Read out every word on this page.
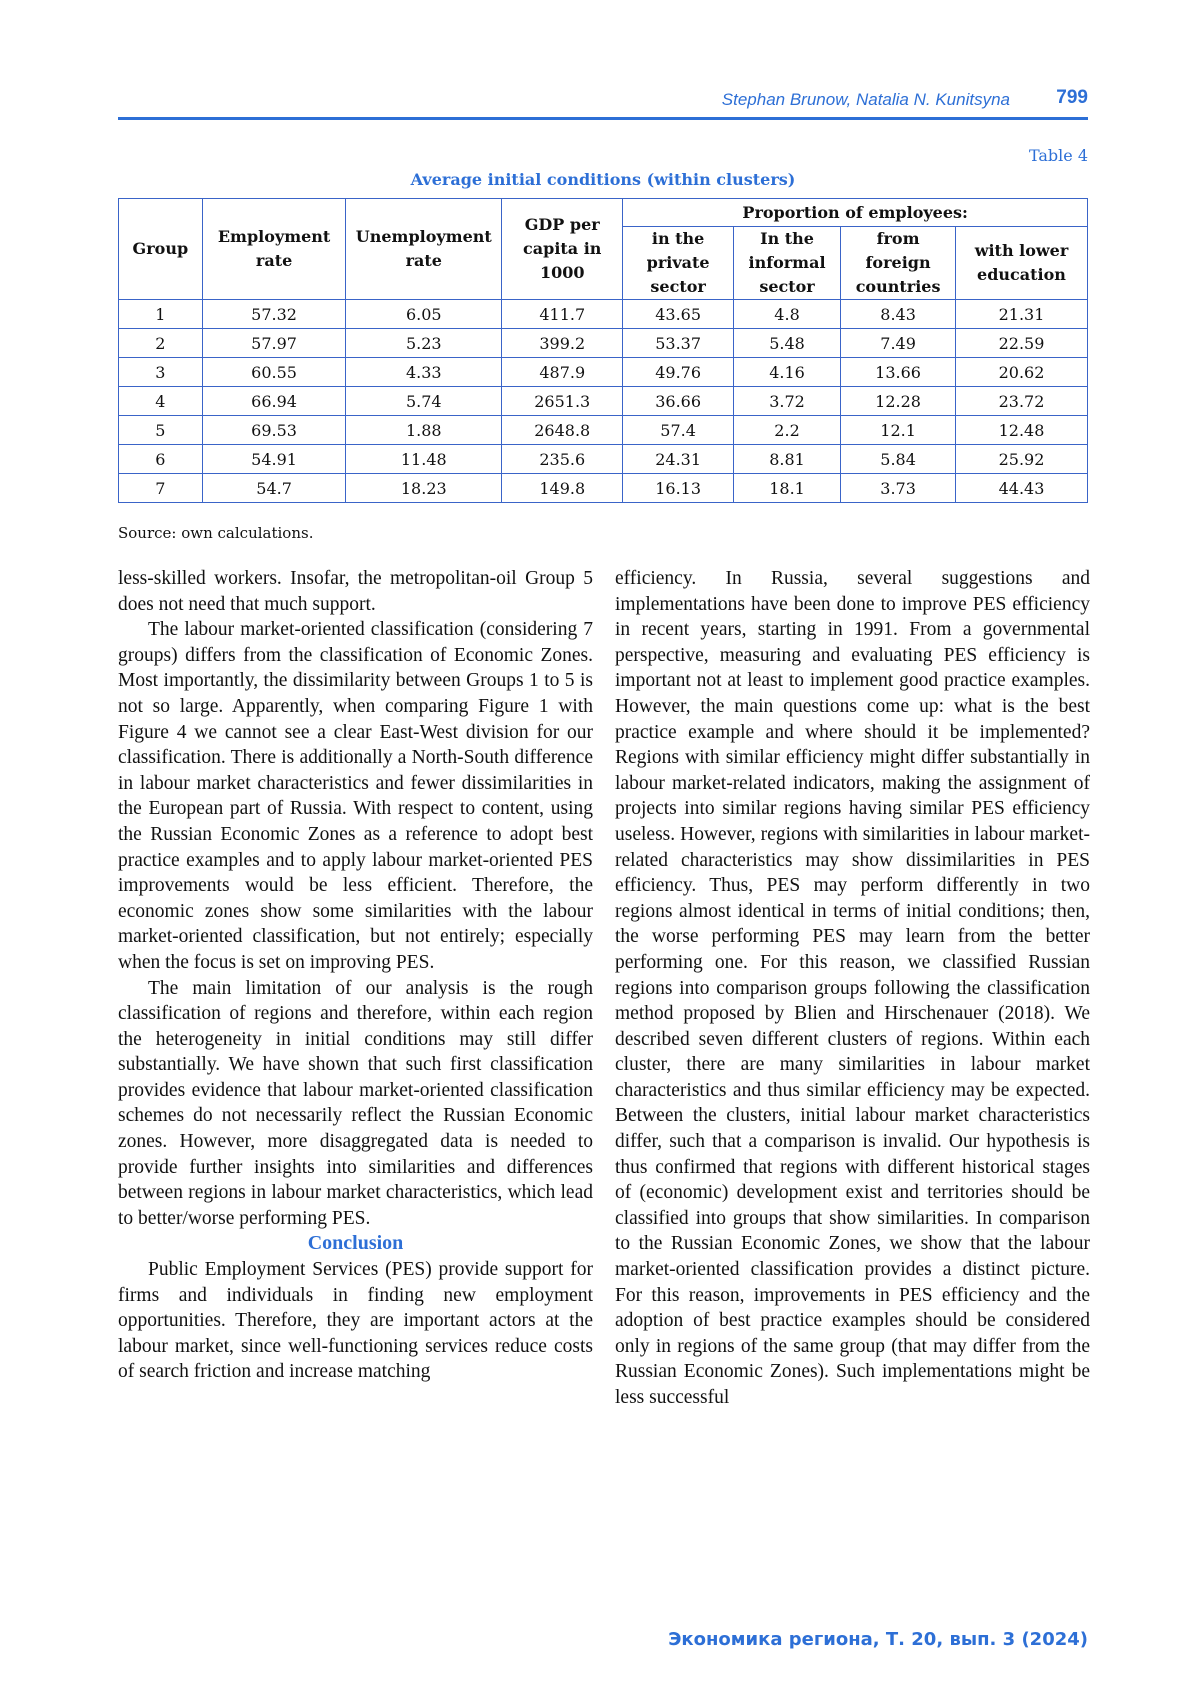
Stephan Brunow, Natalia N. Kunitsyna 799
Table 4
Average initial conditions (within clusters)
Group	Employment rate	Unemployment rate	GDP per capita in 1000	Proportion of employees:			
				in the private sector	In the informal sector	from foreign countries	with lower education
1	57.32	6.05	411.7	43.65	4.8	8.43	21.31
2	57.97	5.23	399.2	53.37	5.48	7.49	22.59
3	60.55	4.33	487.9	49.76	4.16	13.66	20.62
4	66.94	5.74	2651.3	36.66	3.72	12.28	23.72
5	69.53	1.88	2648.8	57.4	2.2	12.1	12.48
6	54.91	11.48	235.6	24.31	8.81	5.84	25.92
7	54.7	18.23	149.8	16.13	18.1	3.73	44.43
Source: own calculations.

less-skilled workers. Insofar, the metropolitan-oil Group 5 does not need that much support.

The labour market-oriented classification (considering 7 groups) differs from the classification of Economic Zones. Most importantly, the dissimilarity between Groups 1 to 5 is not so large. Apparently, when comparing Figure 1 with Figure 4 we cannot see a clear East-West division for our classification. There is additionally a North-South difference in labour market characteristics and fewer dissimilarities in the European part of Russia. With respect to content, using the Russian Economic Zones as a reference to adopt best practice examples and to apply labour market-oriented PES improvements would be less efficient. Therefore, the economic zones show some similarities with the labour market-oriented classification, but not entirely; especially when the focus is set on improving PES.

The main limitation of our analysis is the rough classification of regions and therefore, within each region the heterogeneity in initial conditions may still differ substantially. We have shown that such first classification provides evidence that labour market-oriented classification schemes do not necessarily reflect the Russian Economic zones. However, more disaggregated data is needed to provide further insights into similarities and differences between regions in labour market characteristics, which lead to better/worse performing PES.

Conclusion

Public Employment Services (PES) provide support for firms and individuals in finding new employment opportunities. Therefore, they are important actors at the labour market, since well-functioning services reduce costs of search friction and increase matching

efficiency. In Russia, several suggestions and implementations have been done to improve PES efficiency in recent years, starting in 1991. From a governmental perspective, measuring and evaluating PES efficiency is important not at least to implement good practice examples. However, the main questions come up: what is the best practice example and where should it be implemented? Regions with similar efficiency might differ substantially in labour market-related indicators, making the assignment of projects into similar regions having similar PES efficiency useless. However, regions with similarities in labour market-related characteristics may show dissimilarities in PES efficiency. Thus, PES may perform differently in two regions almost identical in terms of initial conditions; then, the worse performing PES may learn from the better performing one. For this reason, we classified Russian regions into comparison groups following the classification method proposed by Blien and Hirschenauer (2018). We described seven different clusters of regions. Within each cluster, there are many similarities in labour market characteristics and thus similar efficiency may be expected. Between the clusters, initial labour market characteristics differ, such that a comparison is invalid. Our hypothesis is thus confirmed that regions with different historical stages of (economic) development exist and territories should be classified into groups that show similarities. In comparison to the Russian Economic Zones, we show that the labour market-oriented classification provides a distinct picture. For this reason, improvements in PES efficiency and the adoption of best practice examples should be considered only in regions of the same group (that may differ from the Russian Economic Zones). Such implementations might be less successful

Экономика региона, Т. 20, вып. 3 (2024)
